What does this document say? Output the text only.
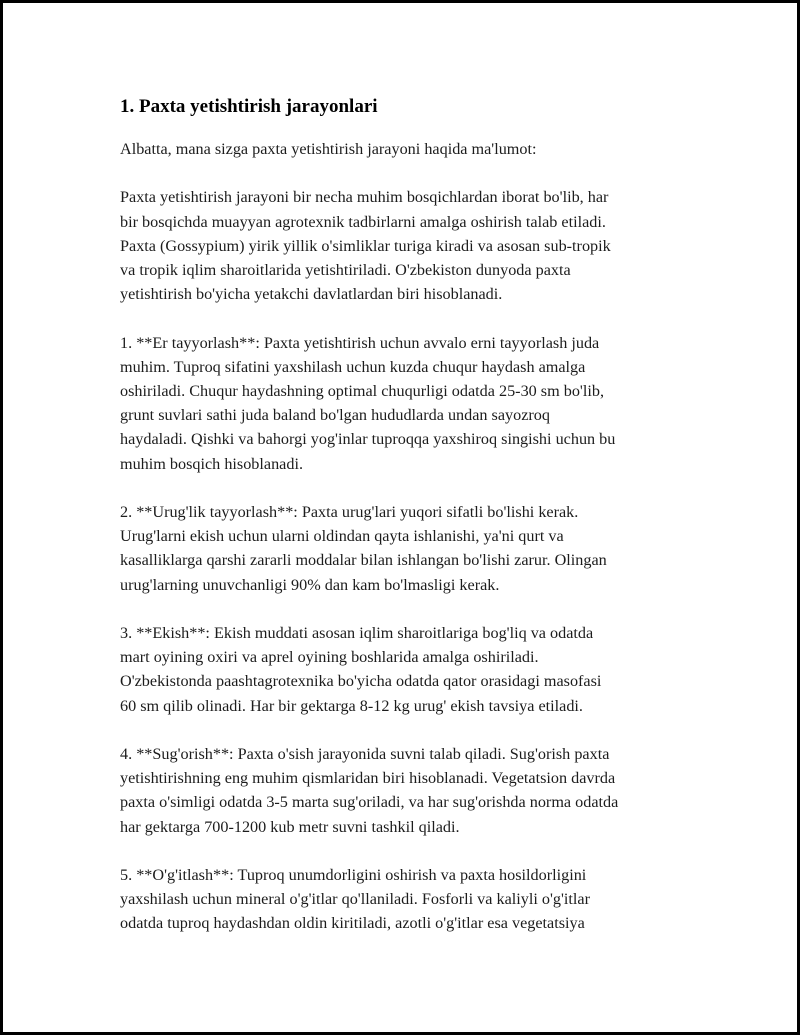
1. Paxta yetishtirish jarayonlari

Albatta, mana sizga paxta yetishtirish jarayoni haqida ma'lumot:

Paxta yetishtirish jarayoni bir necha muhim bosqichlardan iborat bo'lib, har
bir bosqichda muayyan agrotexnik tadbirlarni amalga oshirish talab etiladi.
Paxta (Gossypium) yirik yillik o'simliklar turiga kiradi va asosan sub-tropik
va tropik iqlim sharoitlarida yetishtiriladi. O'zbekiston dunyoda paxta
yetishtirish bo'yicha yetakchi davlatlardan biri hisoblanadi.

1. **Er tayyorlash**: Paxta yetishtirish uchun avvalo erni tayyorlash juda
muhim. Tuproq sifatini yaxshilash uchun kuzda chuqur haydash amalga
oshiriladi. Chuqur haydashning optimal chuqurligi odatda 25-30 sm bo'lib,
grunt suvlari sathi juda baland bo'lgan hududlarda undan sayozroq
haydaladi. Qishki va bahorgi yog'inlar tuproqqa yaxshiroq singishi uchun bu
muhim bosqich hisoblanadi.

2. **Urug'lik tayyorlash**: Paxta urug'lari yuqori sifatli bo'lishi kerak.
Urug'larni ekish uchun ularni oldindan qayta ishlanishi, ya'ni qurt va
kasalliklarga qarshi zararli moddalar bilan ishlangan bo'lishi zarur. Olingan
urug'larning unuvchanligi 90% dan kam bo'lmasligi kerak.

3. **Ekish**: Ekish muddati asosan iqlim sharoitlariga bog'liq va odatda
mart oyining oxiri va aprel oyining boshlarida amalga oshiriladi.
O'zbekistonda paashtagrotexnika bo'yicha odatda qator orasidagi masofasi
60 sm qilib olinadi. Har bir gektarga 8-12 kg urug' ekish tavsiya etiladi.

4. **Sug'orish**: Paxta o'sish jarayonida suvni talab qiladi. Sug'orish paxta
yetishtirishning eng muhim qismlaridan biri hisoblanadi. Vegetatsion davrda
paxta o'simligi odatda 3-5 marta sug'oriladi, va har sug'orishda norma odatda
har gektarga 700-1200 kub metr suvni tashkil qiladi.

5. **O'g'itlash**: Tuproq unumdorligini oshirish va paxta hosildorligini
yaxshilash uchun mineral o'g'itlar qo'llaniladi. Fosforli va kaliyli o'g'itlar
odatda tuproq haydashdan oldin kiritiladi, azotli o'g'itlar esa vegetatsiya
